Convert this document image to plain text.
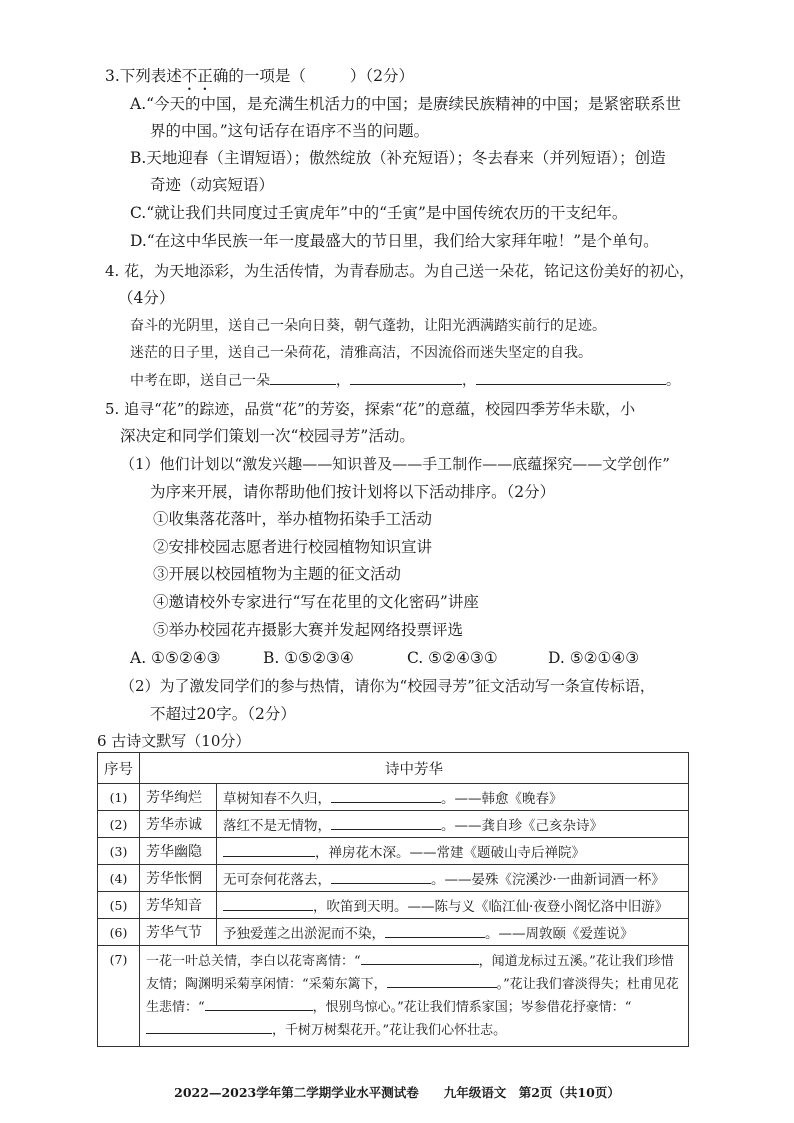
3.下列表述不正确的一项是（	）（2分）
A.“今天的中国，是充满生机活力的中国；是赓续民族精神的中国；是紧密联系世
界的中国。”这句话存在语序不当的问题。
B.天地迎春（主谓短语）；傲然绽放（补充短语）；冬去春来（并列短语）；创造
奇迹（动宾短语）
C.“就让我们共同度过壬寅虎年”中的“壬寅”是中国传统农历的干支纪年。
D.“在这中华民族一年一度最盛大的节日里，我们给大家拜年啦！”是个单句。
4. 花，为天地添彩，为生活传情，为青春励志。为自己送一朵花，铭记这份美好的初心，
（4分）
奋斗的光阴里，送自己一朵向日葵，朝气蓬勃，让阳光洒满踏实前行的足迹。
迷茫的日子里，送自己一朵荷花，清雅高洁，不因流俗而迷失坚定的自我。
中考在即，送自己一朵	，	，	。
5. 追寻“花”的踪迹，品赏“花”的芳姿，探索“花”的意蕴，校园四季芳华未歇，小
深决定和同学们策划一次“校园寻芳”活动。
（1）他们计划以“激发兴趣——知识普及——手工制作——底蕴探究——文学创作”
为序来开展，请你帮助他们按计划将以下活动排序。（2分）
①收集落花落叶，举办植物拓染手工活动
②安排校园志愿者进行校园植物知识宣讲
③开展以校园植物为主题的征文活动
④邀请校外专家进行“写在花里的文化密码”讲座
⑤举办校园花卉摄影大赛并发起网络投票评选
A. ①⑤②④③	B. ①⑤②③④	C. ⑤②④③①	D. ⑤②①④③
（2）为了激发同学们的参与热情，请你为“校园寻芳”征文活动写一条宣传标语，
不超过20字。（2分）
6 古诗文默写（10分）
序号	诗中芳华	
(1)	芳华绚烂	草树知春不久归， 。——韩愈《晚春》
(2)	芳华赤诚	落红不是无情物， 。——龚自珍《己亥杂诗》
(3)	芳华幽隐	，禅房花木深。——常建《题破山寺后禅院》
(4)	芳华怅惘	无可奈何花落去， 。——晏殊《浣溪沙·一曲新词酒一杯》
(5)	芳华知音	，吹笛到天明。——陈与义《临江仙·夜登小阁忆洛中旧游》
(6)	芳华气节	予独爱莲之出淤泥而不染， 。——周敦颐《爱莲说》
(7)	一花一叶总关情，李白以花寄离情：“ ，闻道龙标过五溪。”花让我们珍惜友情；陶渊明采菊享闲情：“采菊东篱下， 。”花让我们睿淡得失；杜甫见花生悲情：“ ，恨别鸟惊心。”花让我们情系家国；岑参借花抒豪情：“，千树万树梨花开。”花让我们心怀壮志。	
2022—2023学年第二学期学业水平测试卷　　九年级语文　第2页（共10页）
